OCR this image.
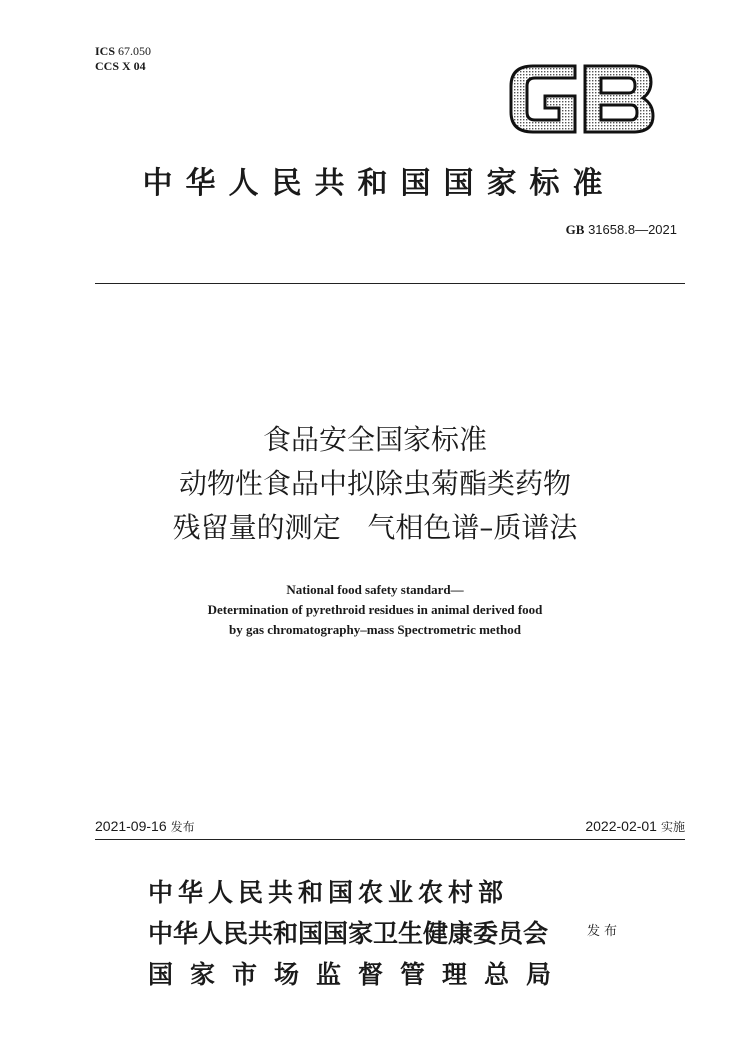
ICS 67.050
CCS X 04
中华人民共和国国家标准
GB 31658.8—2021
食品安全国家标准
动物性食品中拟除虫菊酯类药物
残留量的测定   气相色谱–质谱法
National food safety standard—
Determination of pyrethroid residues in animal derived food
by gas chromatography–mass Spectrometric method
2021‐09‐16 发布	2022‐02‐01 实施
中华人民共和国农业农村部
中华人民共和国国家卫生健康委员会
国家市场监督管理总局
发布
